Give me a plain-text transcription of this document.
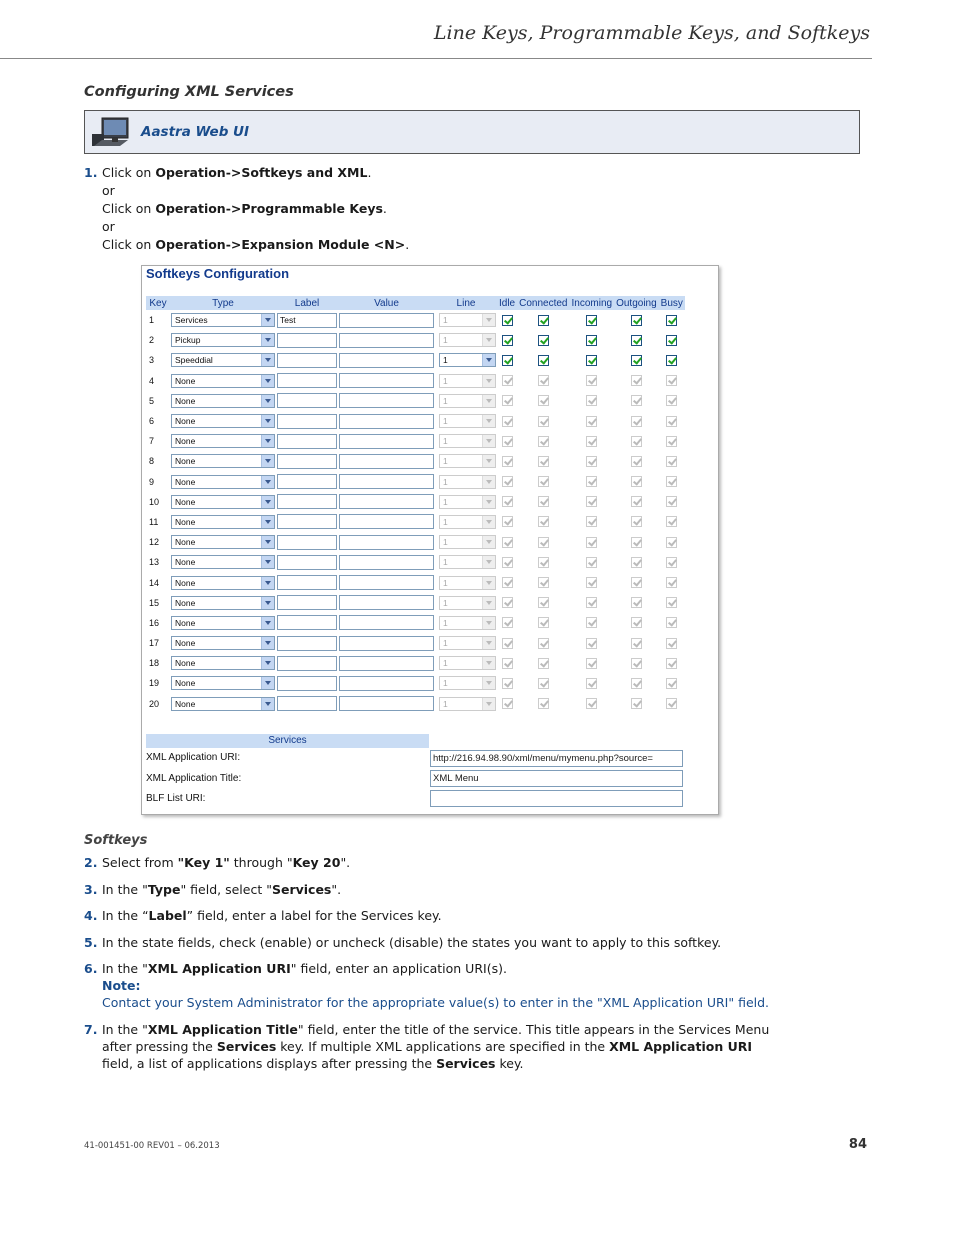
Line Keys, Programmable Keys, and Softkeys
Configuring XML Services
Aastra Web UI
1. Click on Operation->Softkeys and XML.
or
Click on Operation->Programmable Keys.
or
Click on Operation->Expansion Module <N>.
Softkeys Configuration
Key	Type	Label	Value	Line	Idle	Connected	Incoming	Outgoing	Busy
1	Services	Test		1					

2	Pickup			1					

3	Speeddial			1					

4	None			1					

5	None			1					

6	None			1					

7	None			1					

8	None			1					

9	None			1					

10	None			1					

11	None			1					

12	None			1					

13	None			1					

14	None			1					

15	None			1					

16	None			1					

17	None			1					

18	None			1					

19	None			1					

20	None			1					

Services
XML Application URI:	http://216.94.98.90/xml/menu/mymenu.php?source=
XML Application Title:	XML Menu
BLF List URI:
Softkeys
2. Select from "Key 1" through "Key 20".
3. In the "Type" field, select "Services".
4. In the “Label” field, enter a label for the Services key.
5. In the state fields, check (enable) or uncheck (disable) the states you want to apply to this softkey.
6. In the "XML Application URI" field, enter an application URI(s).
Note:
Contact your System Administrator for the appropriate value(s) to enter in the "XML Application URI" field.
7. In the "XML Application Title" field, enter the title of the service. This title appears in the Services Menu after pressing the Services key. If multiple XML applications are specified in the XML Application URI field, a list of applications displays after pressing the Services key.
41-001451-00 REV01 – 06.2013	84
